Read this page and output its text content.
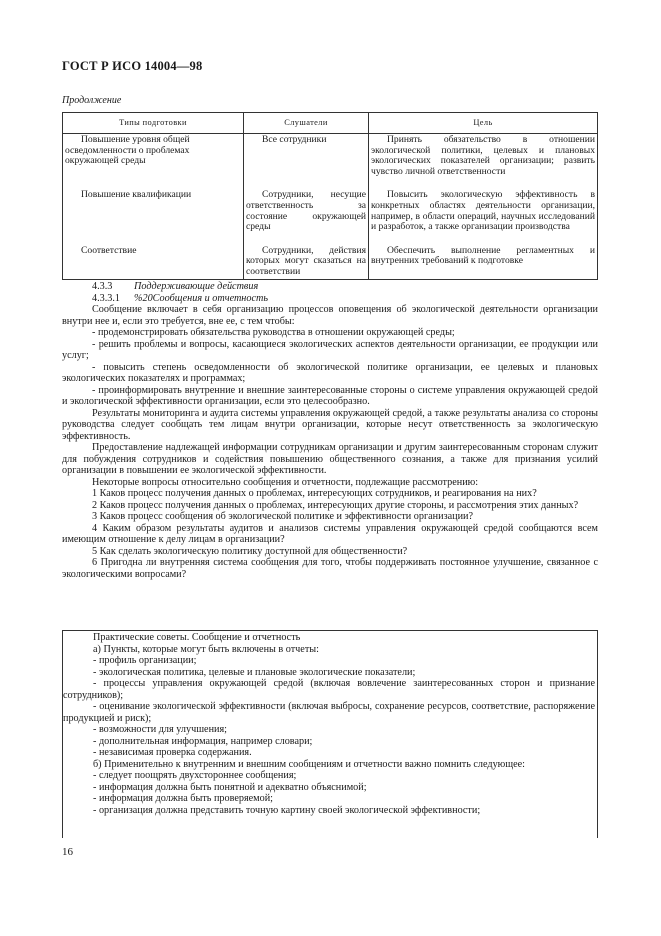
ГОСТ Р ИСО 14004—98
Продолжение
Типы подготовки	Слушатели	Цель
Повышение уровня общей осведомленности о проблемах окружающей среды	Все сотрудники	Принять обязательство в отношении экологической политики, целевых и плановых экологических показателей организации; развить чувство личной ответственности

Повышение квалификации	Сотрудники, несущие ответственность за состояние окружающей среды	Повысить экологическую эффективность в конкретных областях деятельности организации, например, в области операций, научных исследований и разработок, а также организации производства

Соответствие	Сотрудники, действия которых могут сказаться на соответствии	Обеспечить выполнение регламентных и внутренних требований к подготовке

4.3.3 Поддерживающие действия

4.3.3.1 %20Сообщения и отчетность

Сообщение включает в себя организацию процессов оповещения об экологической деятельности организации внутри нее и, если это требуется, вне ее, с тем чтобы:

- продемонстрировать обязательства руководства в отношении окружающей среды;

- решить проблемы и вопросы, касающиеся экологических аспектов деятельности организации, ее продукции или услуг;

- повысить степень осведомленности об экологической политике организации, ее целевых и плановых экологических показателях и программах;

- проинформировать внутренние и внешние заинтересованные стороны о системе управления окружающей средой и экологической эффективности организации, если это целесообразно.

Результаты мониторинга и аудита системы управления окружающей средой, а также результаты анализа со стороны руководства следует сообщать тем лицам внутри организации, которые несут ответственность за экологическую эффективность.

Предоставление надлежащей информации сотрудникам организации и другим заинтересованным сторонам служит для побуждения сотрудников и содействия повышению общественного сознания, а также для признания усилий организации в повышении ее экологической эффективности.

Некоторые вопросы относительно сообщения и отчетности, подлежащие рассмотрению:

1 Каков процесс получения данных о проблемах, интересующих сотрудников, и реагирования на них?

2 Каков процесс получения данных о проблемах, интересующих другие стороны, и рассмотрения этих данных?

3 Каков процесс сообщения об экологической политике и эффективности организации?

4 Каким образом результаты аудитов и анализов системы управления окружающей средой сообщаются всем имеющим отношение к делу лицам в организации?

5 Как сделать экологическую политику доступной для общественности?

6 Пригодна ли внутренняя система сообщения для того, чтобы поддерживать постоянное улучшение, связанное с экологическими вопросами?

Практические советы. Сообщение и отчетность

а) Пункты, которые могут быть включены в отчеты:

- профиль организации;

- экологическая политика, целевые и плановые экологические показатели;

- процессы управления окружающей средой (включая вовлечение заинтересованных сторон и признание сотрудников);

- оценивание экологической эффективности (включая выбросы, сохранение ресурсов, соответствие, распоряжение продукцией и риск);

- возможности для улучшения;

- дополнительная информация, например словари;

- независимая проверка содержания.

б) Применительно к внутренним и внешним сообщениям и отчетности важно помнить следующее:

- следует поощрять двухстороннее сообщения;

- информация должна быть понятной и адекватно объяснимой;

- информация должна быть проверяемой;

- организация должна представить точную картину своей экологической эффективности;

16
